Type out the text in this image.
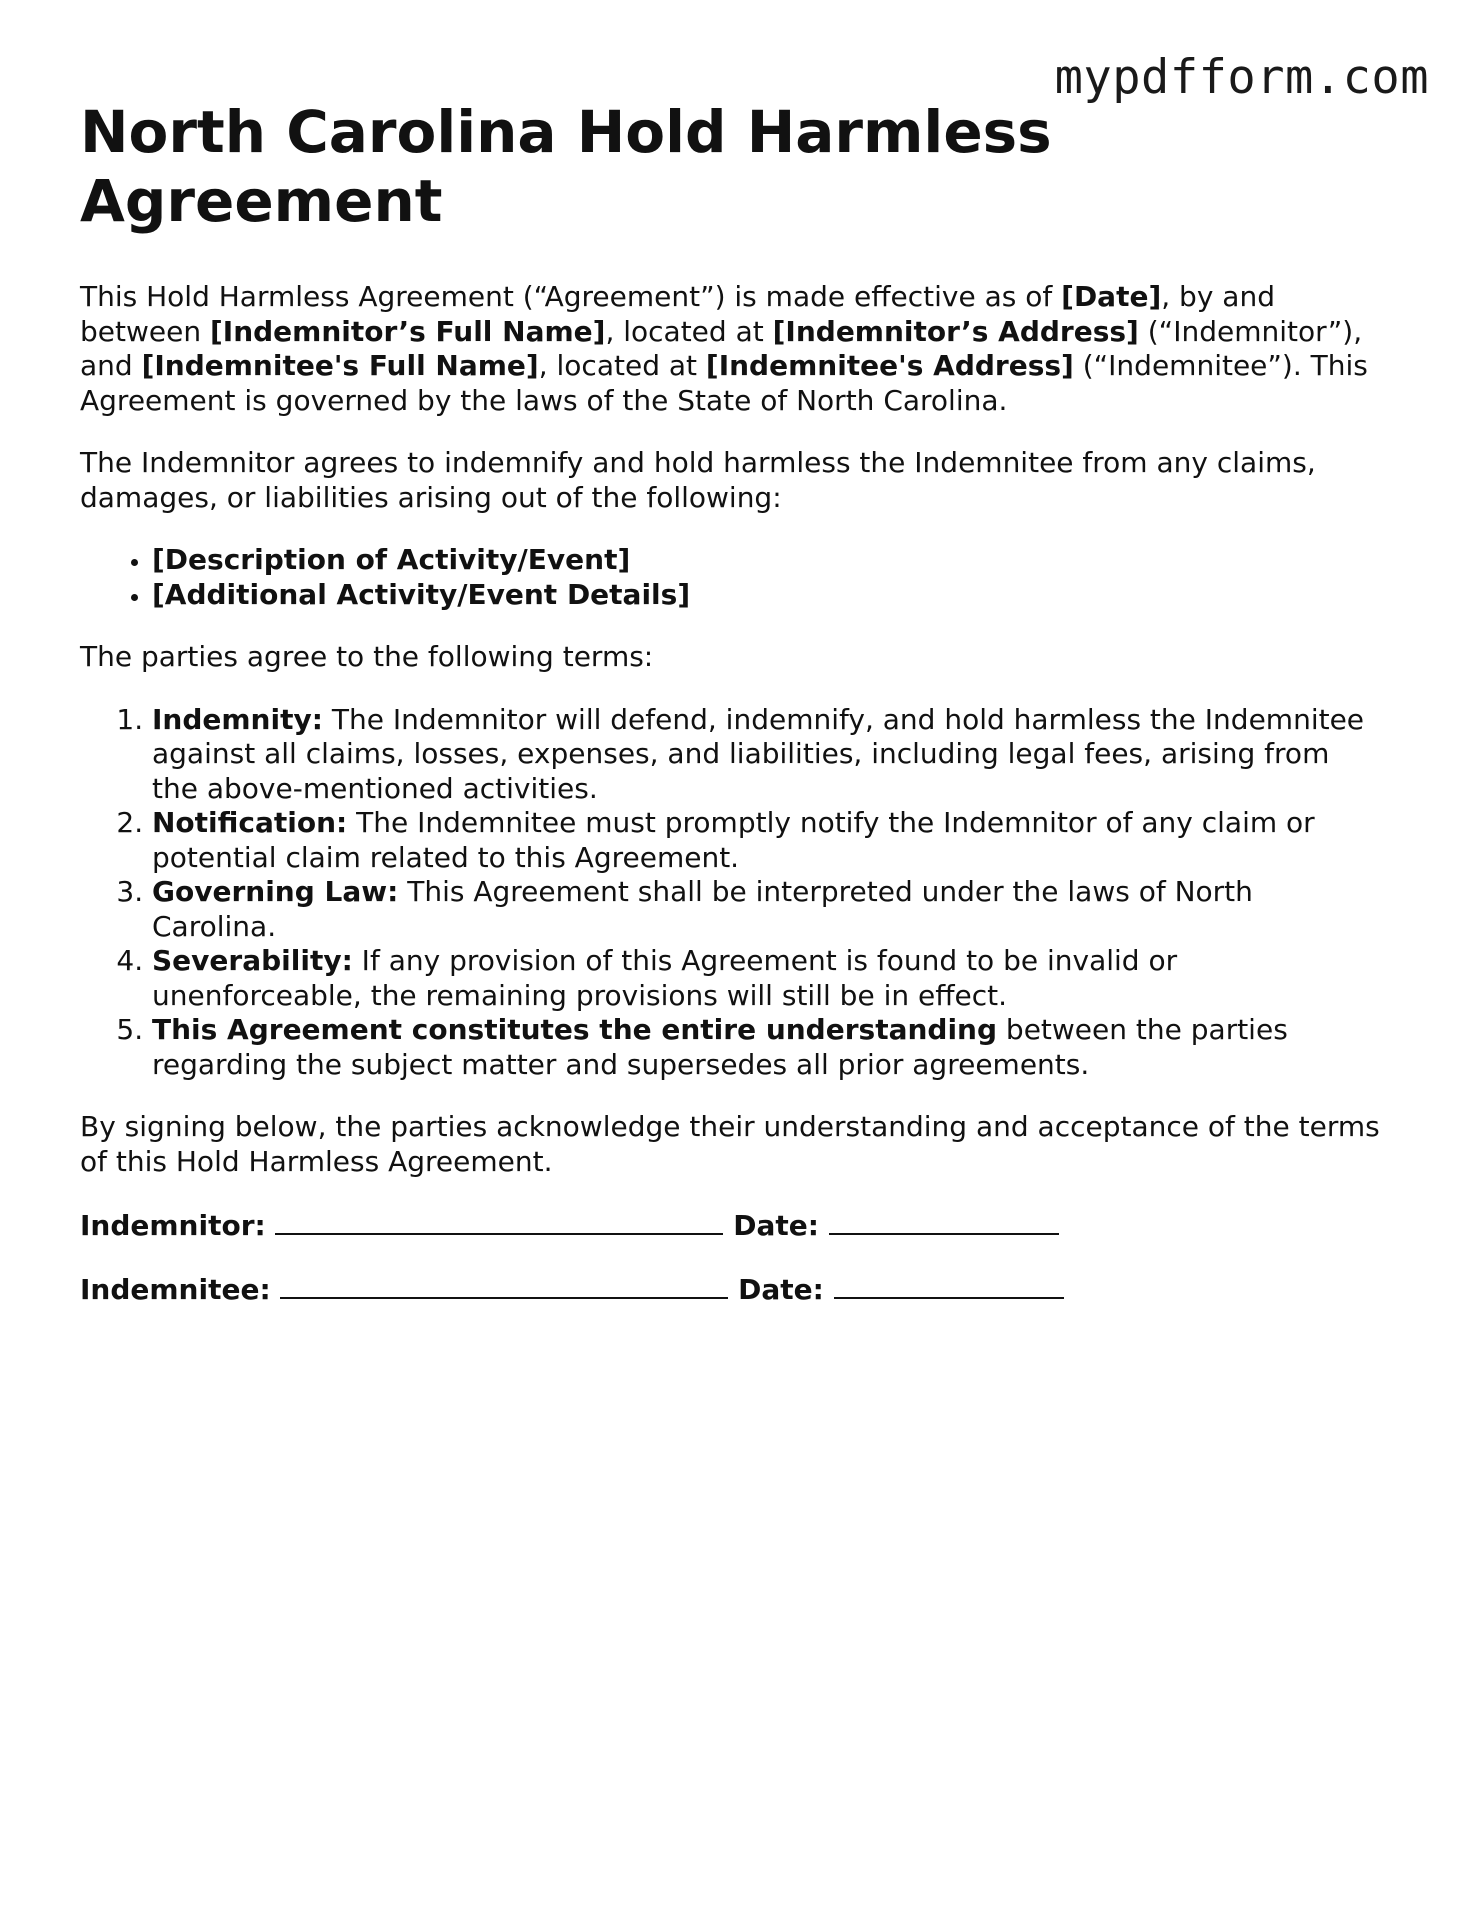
mypdfform.com
North Carolina Hold Harmless Agreement

This Hold Harmless Agreement (“Agreement”) is made effective as of [Date], by and between [Indemnitor’s Full Name], located at [Indemnitor’s Address] (“Indemnitor”), and [Indemnitee's Full Name], located at [Indemnitee's Address] (“Indemnitee”). This Agreement is governed by the laws of the State of North Carolina.

The Indemnitor agrees to indemnify and hold harmless the Indemnitee from any claims, damages, or liabilities arising out of the following:

• [Description of Activity/Event]
• [Additional Activity/Event Details]

The parties agree to the following terms:

1. Indemnity: The Indemnitor will defend, indemnify, and hold harmless the Indemnitee against all claims, losses, expenses, and liabilities, including legal fees, arising from the above-mentioned activities.
2. Notification: The Indemnitee must promptly notify the Indemnitor of any claim or potential claim related to this Agreement.
3. Governing Law: This Agreement shall be interpreted under the laws of North Carolina.
4. Severability: If any provision of this Agreement is found to be invalid or unenforceable, the remaining provisions will still be in effect.
5. This Agreement constitutes the entire understanding between the parties regarding the subject matter and supersedes all prior agreements.

By signing below, the parties acknowledge their understanding and acceptance of the terms of this Hold Harmless Agreement.

Indemnitor:	Date:
Indemnitee:	Date:
